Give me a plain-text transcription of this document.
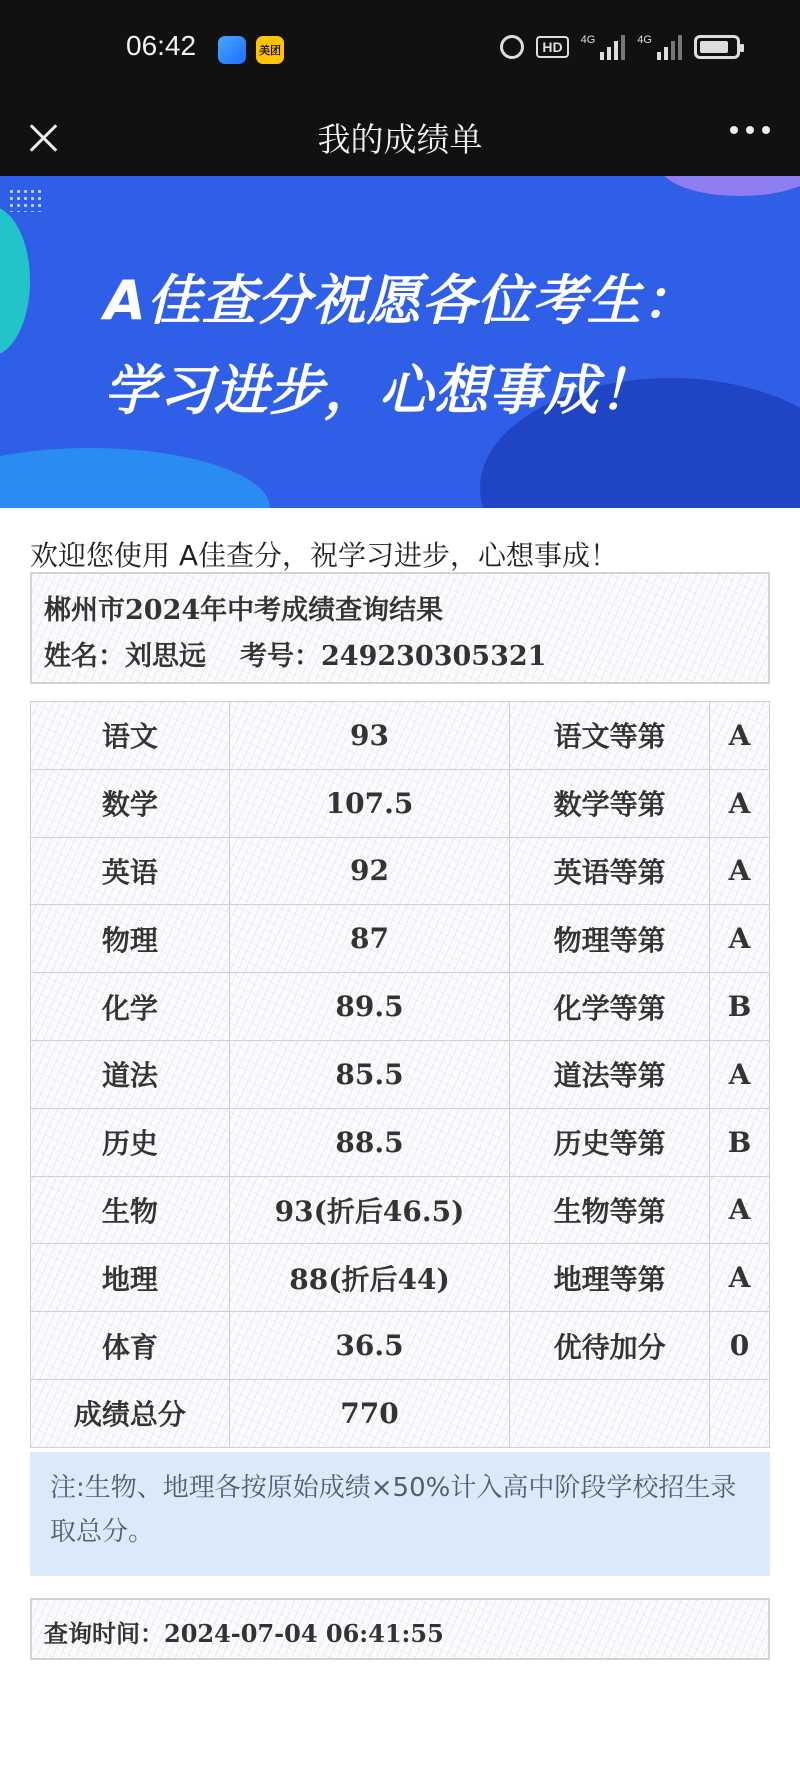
06:42	美团	HD	4G	4G
我的成绩单
A佳查分祝愿各位考生：
学习进步，心想事成！
欢迎您使用 A佳查分，祝学习进步，心想事成！
郴州市2024年中考成绩查询结果
姓名：刘思远 考号：249230305321
语文	93	语文等第	A
数学	107.5	数学等第	A
英语	92	英语等第	A
物理	87	物理等第	A
化学	89.5	化学等第	B
道法	85.5	道法等第	A
历史	88.5	历史等第	B
生物	93(折后46.5)	生物等第	A
地理	88(折后44)	地理等第	A
体育	36.5	优待加分	0
成绩总分	770		
注:生物、地理各按原始成绩×50%计入高中阶段学校招生录取总分。
查询时间：2024-07-04 06:41:55
